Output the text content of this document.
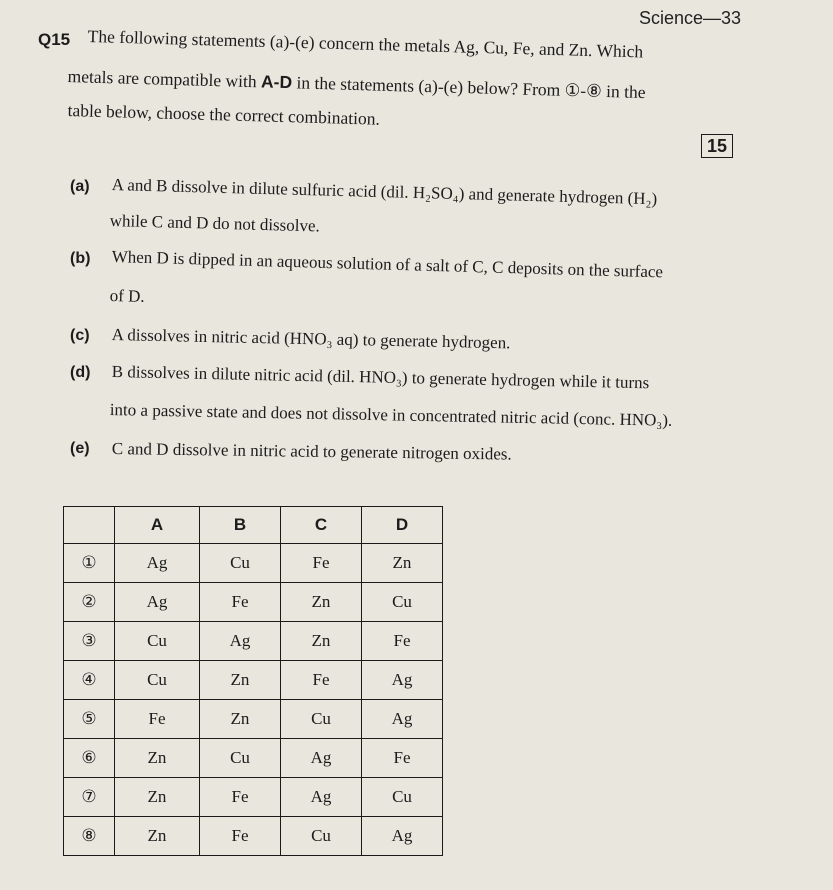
Science—33
Q15 The following statements (a)-(e) concern the metals Ag, Cu, Fe, and Zn. Which
metals are compatible with A-D in the statements (a)-(e) below? From ①-⑧ in the
table below, choose the correct combination.
15
(a) A and B dissolve in dilute sulfuric acid (dil. H₂SO₄) and generate hydrogen (H₂)
while C and D do not dissolve.
(b) When D is dipped in an aqueous solution of a salt of C, C deposits on the surface
of D.
(c) A dissolves in nitric acid (HNO₃ aq) to generate hydrogen.
(d) B dissolves in dilute nitric acid (dil. HNO₃) to generate hydrogen while it turns
into a passive state and does not dissolve in concentrated nitric acid (conc. HNO₃).
(e) C and D dissolve in nitric acid to generate nitrogen oxides.
	A	B	C	D
①	Ag	Cu	Fe	Zn
②	Ag	Fe	Zn	Cu
③	Cu	Ag	Zn	Fe
④	Cu	Zn	Fe	Ag
⑤	Fe	Zn	Cu	Ag
⑥	Zn	Cu	Ag	Fe
⑦	Zn	Fe	Ag	Cu
⑧	Zn	Fe	Cu	Ag
